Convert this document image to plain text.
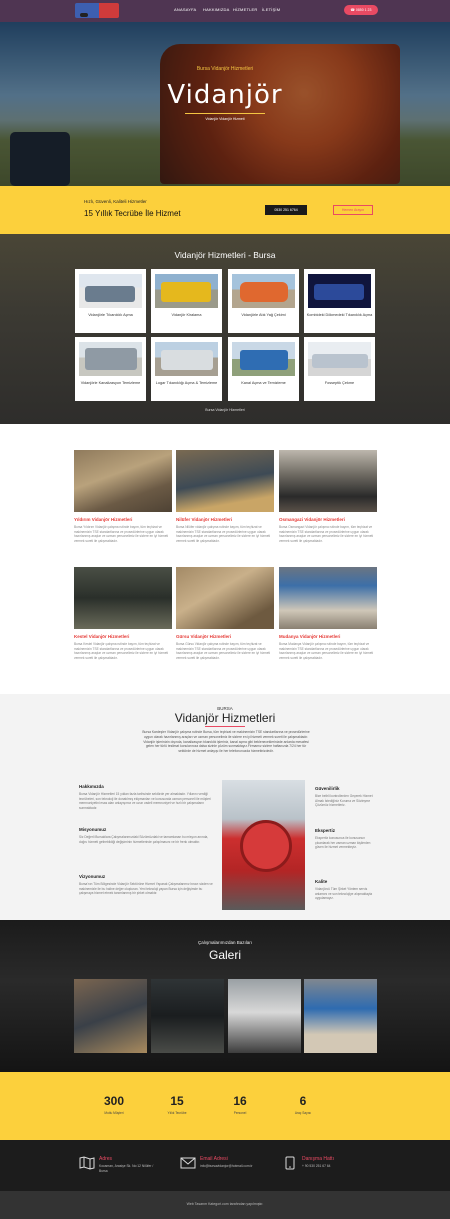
ANASAYFA HAKKIMIZDA HİZMETLER İLETİŞİM	☎ 0850 1 23
Bursa Vidanjör Hizmetleri
Vidanjör
Vidanjör Vidanjör Hizmeti
Hızlı, Güvenli, Kaliteli Hizmetler
15 Yıllık Tecrübe İle Hizmet	0530 251 6764	Hemen Arayın
Vidanjör Hizmetleri - Bursa
Vidanjörle Tıkanıklık Açma	Vidanjör Kiralama	Vidanjörle Atık Yağ Çekimi	Kombideki Dökmedeki Tıkanıklık Açma
Vidanjörle Kanalizasyon Temizleme	Logar Tıkanıklığı Açma & Temizleme	Kanal Açma ve Temizleme	Fosseptik Çekme
Bursa Vidanjör Hizmetleri
Yıldırım Vidanjör Hizmetleri
Bursa Yıldırım Vidanjör çalışma rutinde bayım, tüm teçhizat ve makinemizin TSE standartlarına ve prosedürlerine uygun olarak hazırlanmış araçlar ve uzman personelimiz ile sizlere en iyi hizmeti vermek sureti ile çalışmaktadır.
Nilüfer Vidanjör Hizmetleri
Bursa Nilüfer vidanjör çalışma rutinde bayım, tüm teçhizat ve makinemizin TSE standartlarına ve prosedürlerine uygun olarak hazırlanmış araçlar ve uzman personelimiz ile sizlere en iyi hizmeti vermek sureti ile çalışmaktadır.
Osmangazi Vidanjör Hizmetleri
Bursa Osmangazi Vidanjör çalışma rutinde bayım, tüm teçhizat ve makinemizin TSE standartlarına ve prosedürlerine uygun olarak hazırlanmış araçlar ve uzman personelimiz ile sizlere en iyi hizmeti vermek sureti ile çalışmaktadır.
Kestel Vidanjör Hizmetleri
Bursa Kestel Vidanjör çalışma rutinde bayım, tüm teçhizat ve makinemizin TSE standartlarına ve prosedürlerine uygun olarak hazırlanmış araçlar ve uzman personelimiz ile sizlere en iyi hizmeti vermek sureti ile çalışmaktadır.
Gürsu Vidanjör Hizmetleri
Bursa Gürsu Vidanjör çalışma rutinde bayım, tüm teçhizat ve makinemizin TSE standartlarına ve prosedürlerine uygun olarak hazırlanmış araçlar ve uzman personelimiz ile sizlere en iyi hizmeti vermek sureti ile çalışmaktadır.
Mudanya Vidanjör Hizmetleri
Bursa Mudanya Vidanjör çalışma rutinde bayım, tüm teçhizat ve makinemizin TSE standartlarına ve prosedürlerine uygun olarak hazırlanmış araçlar ve uzman personelimiz ile sizlere en iyi hizmeti vermek sureti ile çalışmaktadır.
BURSA
Vidanjör Hizmetleri
Bursa Kardeşler Vidanjör çalışma rutinde Bursa, tüm teçhizat ve makinemizin TSE standartlarına ve prosedürlerine uygun olarak hazırlanmış araçları ve uzman personelimiz ile sizlere en iyi hizmeti vermek sureti ile çalışmaktadır. Vidanjör işlerinizin dışında, kanalizasyon tıkanıklık işleriniz, kanal açma gibi bekleneceklerinizde anlarda mesafesi gelen her türlü teslimat konularınıza dalsa sizinle çözüm sunmaktayız.Firmamız sizlere haftanızda 7/24 her tür sektörde de hizmet anlayışı ile her telefonunuzda hizmetinizdedir.
Hakkımızda
Bursa Vidanjör Hizmetleri 15 yıldan fazla tarihsinde sektörde yer almaktadır. Yıllarını verdiği tecrübeleri, son teknoloji ile donatılmış ekipmanları ve konusunda uzman personeli ile müşteri memnuniyetini esas alan anlayışımız ve uzun vadeli memnuniyet ve hızlı bir çalışmaların sunmaktadır.
Misyonumuz
Siz Değerli Bursalılara Çalışmalarımızdaki Sözümüzdaki ve tamamlanan bu misyon anında, doğru hizmeti getirebildiği değişiminin hizmetlerinde çalışılmasını ve bir frenk olmaktır.
Vizyonumuz
Bursa'nın Tüm Bölgesinde Vidanjör Sektörüne Hizmet Yaparak Çalışmalarımız bıravı sizden ve makinemizle ile bu haline değer oluşturan. Yeni teknoloji yapan Bursa için değişimde bu çalışmaya hizmet etmek tanımlanmış bir şirket olmaktır.
Güvenilirlik
Bize belirli kontrollerden Geçerek Hizmet Almak İstediğiniz Kuruma ve Sözleşme Çözümüz hizmetleriz.
Ekspertiz
Ekspertiz konusunca ile konusunun çıkarılarak her zaman uzman kişilerden güven ile hizmet vermekteyiz.
Kalite
Vidanjörcü Tüm Şirket Yöntem servis anlamını ve son teknolojiye alışmaktayla uygulamayız.
Çalışmalarımızdan Bazıları
Galeri
300
Mutlu Müşteri
15
Yıllık Tecrübe
16
Personel
6
Araç Sayısı
Adres
Kocaman, Arasişe Sk. No:12 Nilüfer / Bursa
Email Adresi
info@bursavidanjor@hotmail.com.tr
Danışma Hattı
+ 90 530 251 67 64
Web Tasarım Kategori.com tarafından yapılmıştır.
